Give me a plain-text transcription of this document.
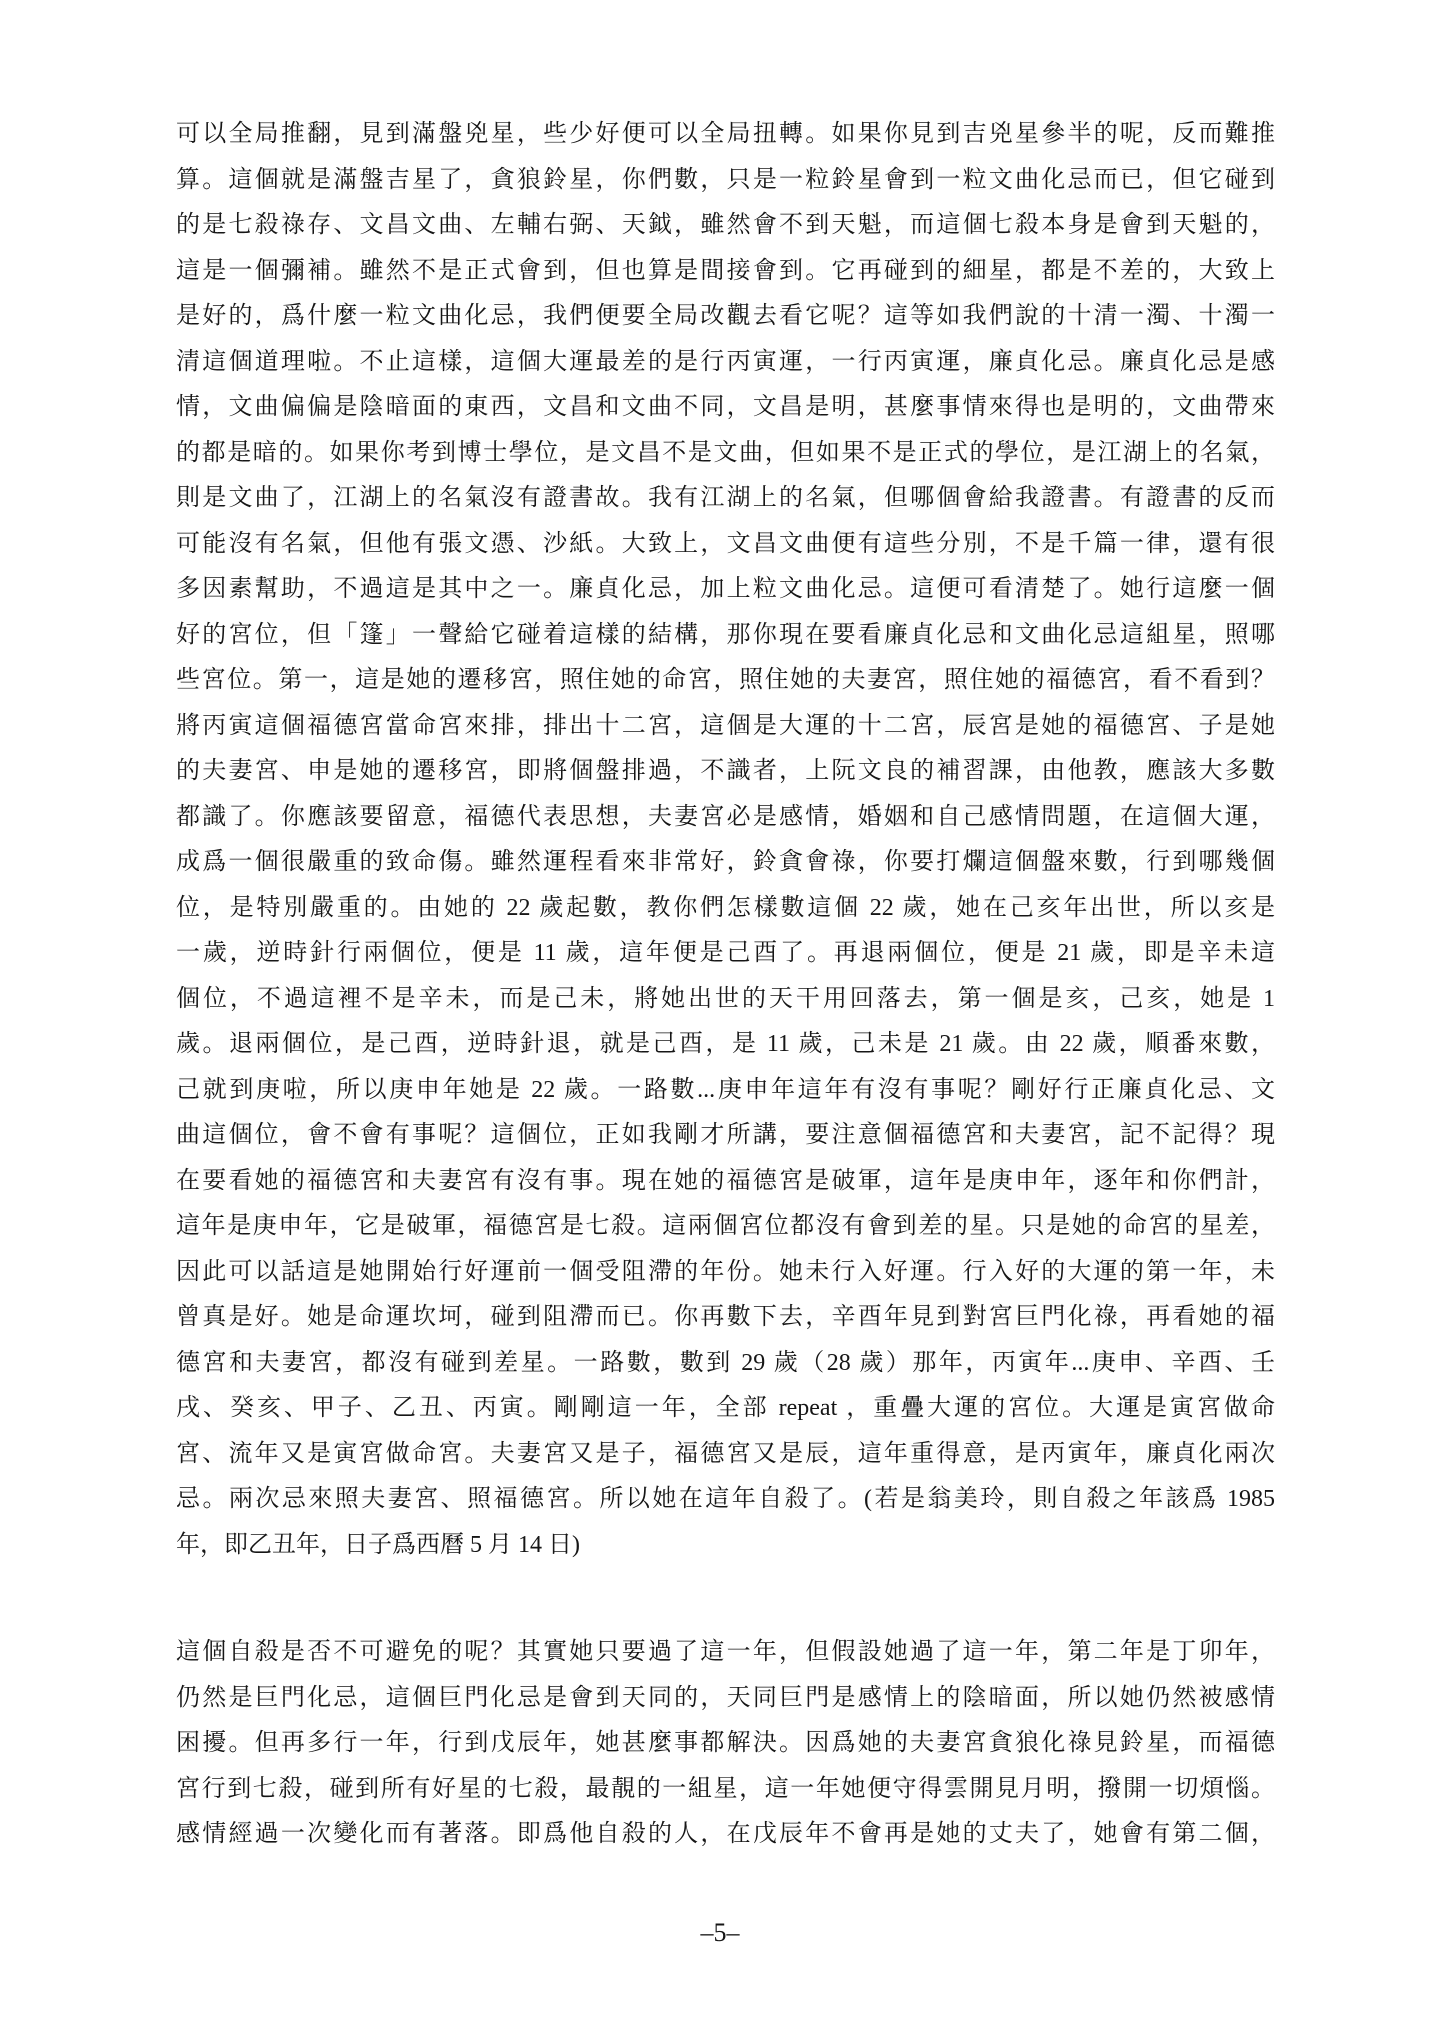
可以全局推翻，見到滿盤兇星，些少好便可以全局扭轉。如果你見到吉兇星參半的呢，反而難推
算。這個就是滿盤吉星了，貪狼鈴星，你們數，只是一粒鈴星會到一粒文曲化忌而已，但它碰到
的是七殺祿存、文昌文曲、左輔右弼、天鉞，雖然會不到天魁，而這個七殺本身是會到天魁的，
這是一個彌補。雖然不是正式會到，但也算是間接會到。它再碰到的細星，都是不差的，大致上
是好的，爲什麼一粒文曲化忌，我們便要全局改觀去看它呢？這等如我們說的十清一濁、十濁一
清這個道理啦。不止這樣，這個大運最差的是行丙寅運，一行丙寅運，廉貞化忌。廉貞化忌是感
情，文曲偏偏是陰暗面的東西，文昌和文曲不同，文昌是明，甚麼事情來得也是明的，文曲帶來
的都是暗的。如果你考到博士學位，是文昌不是文曲，但如果不是正式的學位，是江湖上的名氣，
則是文曲了，江湖上的名氣沒有證書故。我有江湖上的名氣，但哪個會給我證書。有證書的反而
可能沒有名氣，但他有張文憑、沙紙。大致上，文昌文曲便有這些分別，不是千篇一律，還有很
多因素幫助，不過這是其中之一。廉貞化忌，加上粒文曲化忌。這便可看清楚了。她行這麼一個
好的宮位，但「篷」一聲給它碰着這樣的結構，那你現在要看廉貞化忌和文曲化忌這組星，照哪
些宮位。第一，這是她的遷移宮，照住她的命宮，照住她的夫妻宮，照住她的福德宮，看不看到？
將丙寅這個福德宮當命宮來排，排出十二宮，這個是大運的十二宮，辰宮是她的福德宮、子是她
的夫妻宮、申是她的遷移宮，即將個盤排過，不識者，上阮文良的補習課，由他教，應該大多數
都識了。你應該要留意，福德代表思想，夫妻宮必是感情，婚姻和自己感情問題，在這個大運，
成爲一個很嚴重的致命傷。雖然運程看來非常好，鈴貪會祿，你要打爛這個盤來數，行到哪幾個
位，是特別嚴重的。由她的 22 歲起數，教你們怎樣數這個 22 歲，她在己亥年出世，所以亥是
一歲，逆時針行兩個位，便是 11 歲，這年便是己酉了。再退兩個位，便是 21 歲，即是辛未這
個位，不過這裡不是辛未，而是己未，將她出世的天干用回落去，第一個是亥，己亥，她是 1
歲。退兩個位，是己酉，逆時針退，就是己酉，是 11 歲，己未是 21 歲。由 22 歲，順番來數，
己就到庚啦，所以庚申年她是 22 歲。一路數...庚申年這年有沒有事呢？剛好行正廉貞化忌、文
曲這個位，會不會有事呢？這個位，正如我剛才所講，要注意個福德宮和夫妻宮，記不記得？現
在要看她的福德宮和夫妻宮有沒有事。現在她的福德宮是破軍，這年是庚申年，逐年和你們計，
這年是庚申年，它是破軍，福德宮是七殺。這兩個宮位都沒有會到差的星。只是她的命宮的星差，
因此可以話這是她開始行好運前一個受阻滯的年份。她未行入好運。行入好的大運的第一年，未
曾真是好。她是命運坎坷，碰到阻滯而已。你再數下去，辛酉年見到對宮巨門化祿，再看她的福
德宮和夫妻宮，都沒有碰到差星。一路數，數到 29 歲（28 歲）那年，丙寅年...庚申、辛酉、壬
戌、癸亥、甲子、乙丑、丙寅。剛剛這一年，全部 repeat ，重疊大運的宮位。大運是寅宮做命
宮、流年又是寅宮做命宮。夫妻宮又是子，福德宮又是辰，這年重得意，是丙寅年，廉貞化兩次
忌。兩次忌來照夫妻宮、照福德宮。所以她在這年自殺了。(若是翁美玲，則自殺之年該爲 1985
年，即乙丑年，日子爲西曆 5 月 14 日)
這個自殺是否不可避免的呢？其實她只要過了這一年，但假設她過了這一年，第二年是丁卯年，
仍然是巨門化忌，這個巨門化忌是會到天同的，天同巨門是感情上的陰暗面，所以她仍然被感情
困擾。但再多行一年，行到戊辰年，她甚麼事都解決。因爲她的夫妻宮貪狼化祿見鈴星，而福德
宮行到七殺，碰到所有好星的七殺，最靚的一組星，這一年她便守得雲開見月明，撥開一切煩惱。
感情經過一次變化而有著落。即爲他自殺的人，在戊辰年不會再是她的丈夫了，她會有第二個，
–5–
